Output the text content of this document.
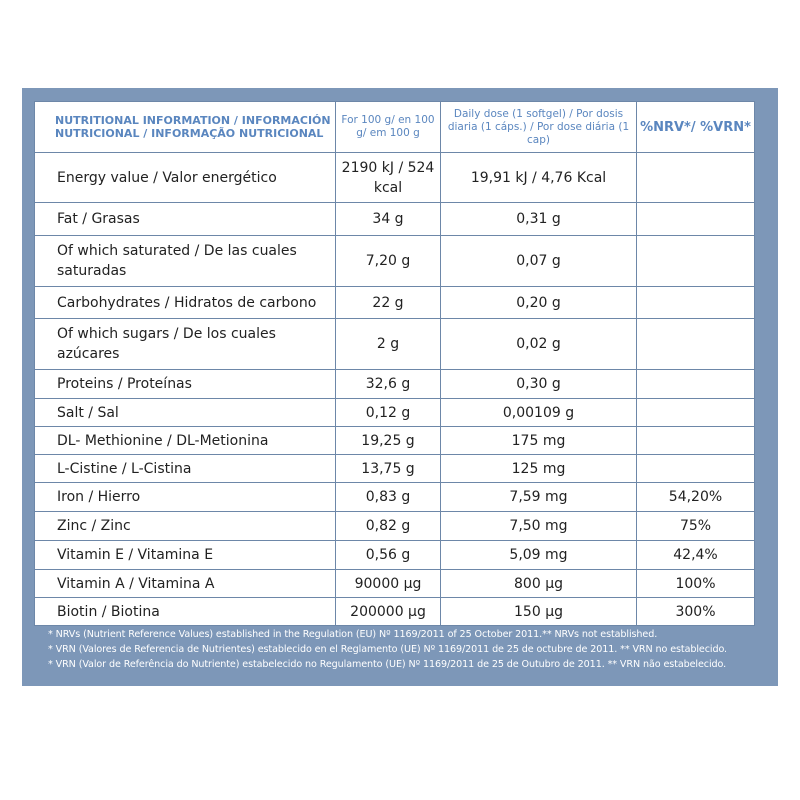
NUTRITIONAL INFORMATION / INFORMACIÓN NUTRICIONAL / INFORMAÇÃO NUTRICIONAL	For 100 g/ en 100 g/ em 100 g	Daily dose (1 softgel) / Por dosis diaria (1 cáps.) / Por dose diária (1 cap)	%NRV*/ %VRN*
Energy value / Valor energético	2190 kJ / 524 kcal	19,91 kJ / 4,76 Kcal	
Fat / Grasas	34 g	0,31 g	
Of which saturated / De las cuales saturadas	7,20 g	0,07 g	
Carbohydrates / Hidratos de carbono	22 g	0,20 g	
Of which sugars / De los cuales azúcares	2 g	0,02 g	
Proteins / Proteínas	32,6 g	0,30 g	
Salt / Sal	0,12 g	0,00109 g	
DL- Methionine / DL-Metionina	19,25 g	175 mg	
L-Cistine / L-Cistina	13,75 g	125 mg	
Iron / Hierro	0,83 g	7,59 mg	54,20%
Zinc / Zinc	0,82 g	7,50 mg	75%
Vitamin E / Vitamina E	0,56 g	5,09 mg	42,4%
Vitamin A / Vitamina A	90000 µg	800 µg	100%
Biotin / Biotina	200000 µg	150 µg	300%
* NRVs (Nutrient Reference Values) established in the Regulation (EU) Nº 1169/2011 of 25 October 2011.** NRVs not established.
* VRN (Valores de Referencia de Nutrientes) establecido en el Reglamento (UE) Nº 1169/2011 de 25 de octubre de 2011. ** VRN no establecido.
* VRN (Valor de Referência do Nutriente) estabelecido no Regulamento (UE) Nº 1169/2011 de 25 de Outubro de 2011. ** VRN não estabelecido.
